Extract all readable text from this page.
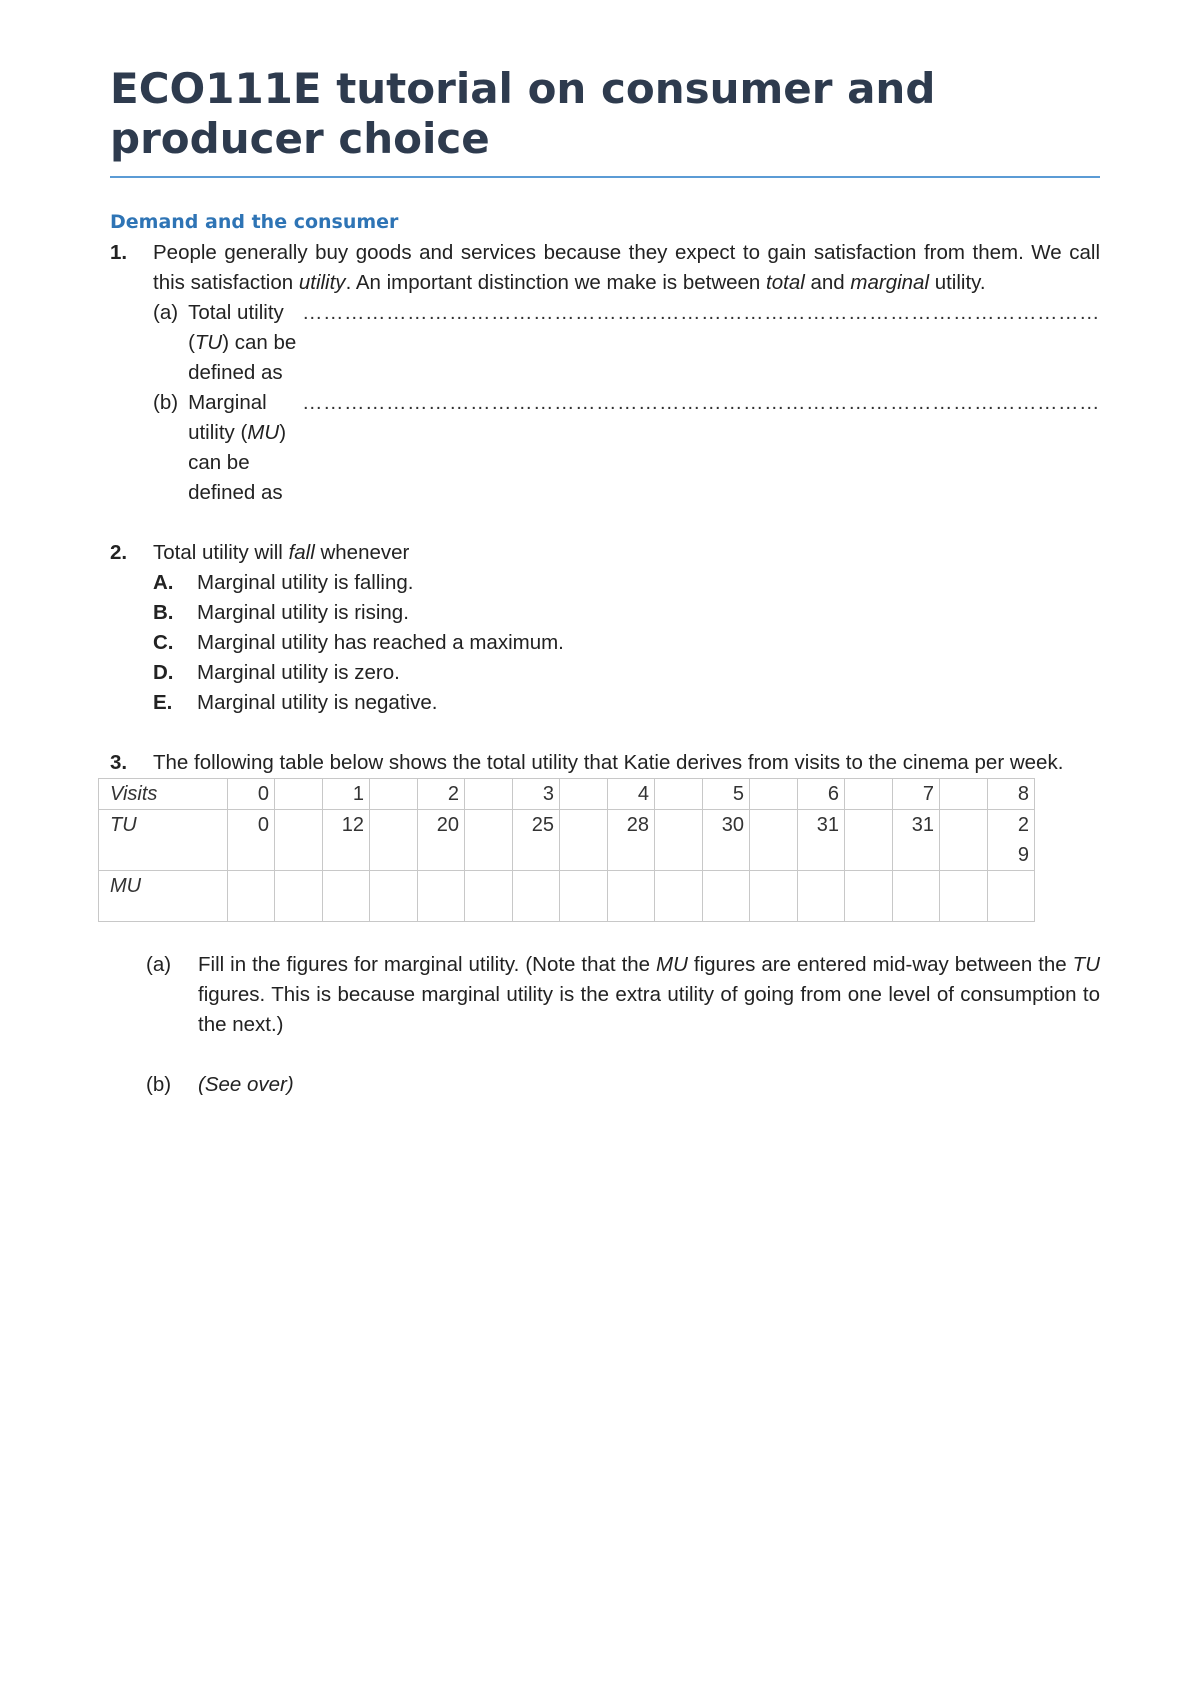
ECO111E tutorial on consumer and producer choice
Demand and the consumer
1. People generally buy goods and services because they expect to gain satisfaction from them. We call this satisfaction utility. An important distinction we make is between total and marginal utility.
(a) Total utility (TU) can be defined as
……………………………………………………………………………………………………
(b) Marginal utility (MU) can be defined as
……………………………………………………………………………………………………
2. Total utility will fall whenever
A. Marginal utility is falling.
B. Marginal utility is rising.
C. Marginal utility has reached a maximum.
D. Marginal utility is zero.
E. Marginal utility is negative.
3. The following table below shows the total utility that Katie derives from visits to the cinema per week.
Visits	0		1		2		3		4		5		6		7		8
TU	0		12		20		25		28		30		31		31		29

MU																	
(a) Fill in the figures for marginal utility. (Note that the MU figures are entered mid-way between the TU figures. This is because marginal utility is the extra utility of going from one level of consumption to the next.)
(b) (See over)
